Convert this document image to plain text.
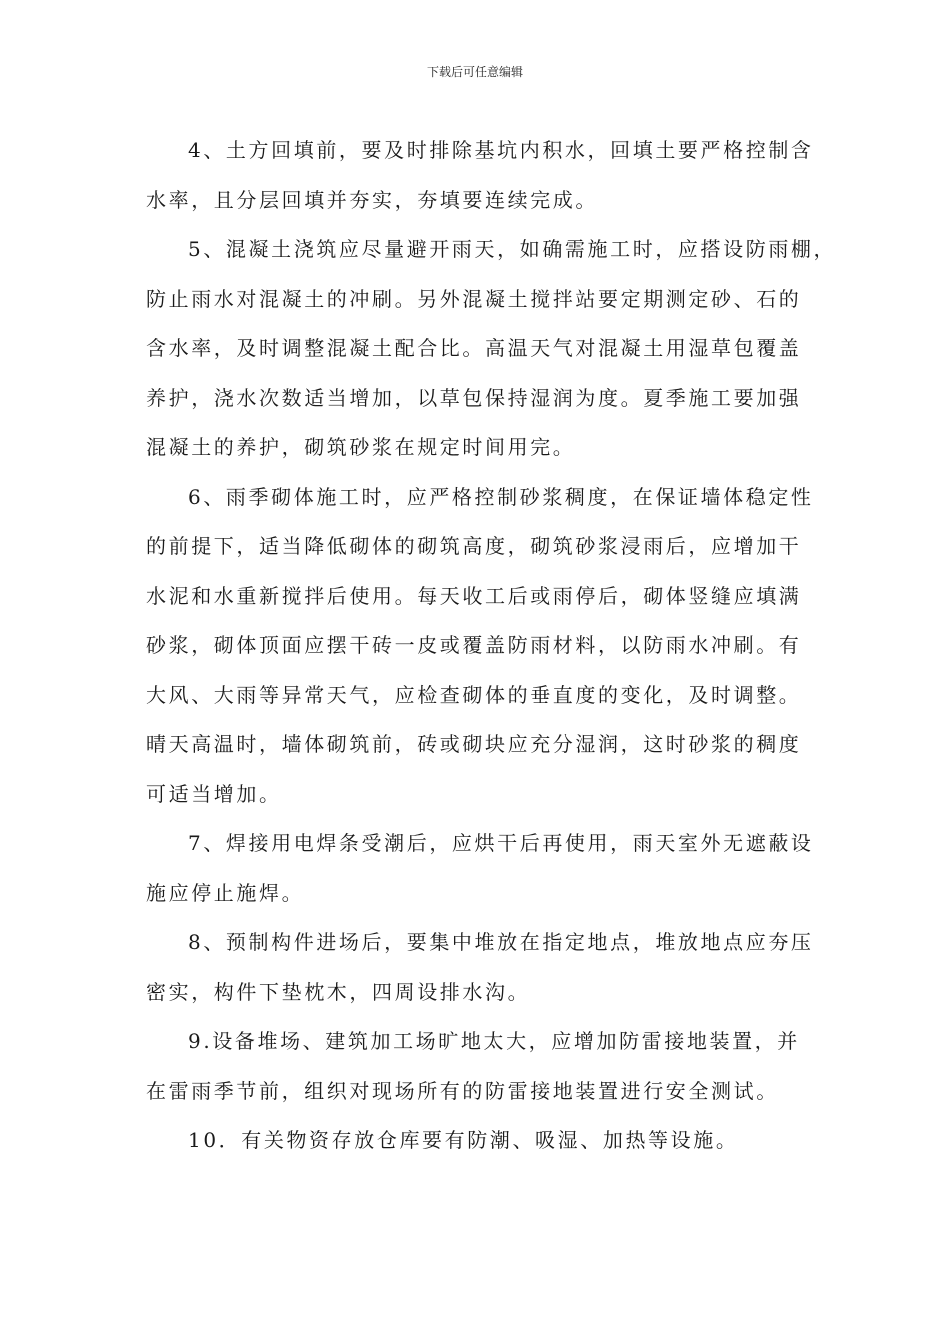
下载后可任意编辑
4、土方回填前，要及时排除基坑内积水，回填土要严格控制含
水率，且分层回填并夯实，夯填要连续完成。
5、混凝土浇筑应尽量避开雨天，如确需施工时，应搭设防雨棚，
防止雨水对混凝土的冲刷。另外混凝土搅拌站要定期测定砂、石的
含水率，及时调整混凝土配合比。高温天气对混凝土用湿草包覆盖
养护，浇水次数适当增加，以草包保持湿润为度。夏季施工要加强
混凝土的养护，砌筑砂浆在规定时间用完。
6、雨季砌体施工时，应严格控制砂浆稠度，在保证墙体稳定性
的前提下，适当降低砌体的砌筑高度，砌筑砂浆浸雨后，应增加干
水泥和水重新搅拌后使用。每天收工后或雨停后，砌体竖缝应填满
砂浆，砌体顶面应摆干砖一皮或覆盖防雨材料，以防雨水冲刷。有
大风、大雨等异常天气，应检查砌体的垂直度的变化，及时调整。
晴天高温时，墙体砌筑前，砖或砌块应充分湿润，这时砂浆的稠度
可适当增加。
7、焊接用电焊条受潮后，应烘干后再使用，雨天室外无遮蔽设
施应停止施焊。
8、预制构件进场后，要集中堆放在指定地点，堆放地点应夯压
密实，构件下垫枕木，四周设排水沟。
9.设备堆场、建筑加工场旷地太大，应增加防雷接地装置，并
在雷雨季节前，组织对现场所有的防雷接地装置进行安全测试。
10．有关物资存放仓库要有防潮、吸湿、加热等设施。
